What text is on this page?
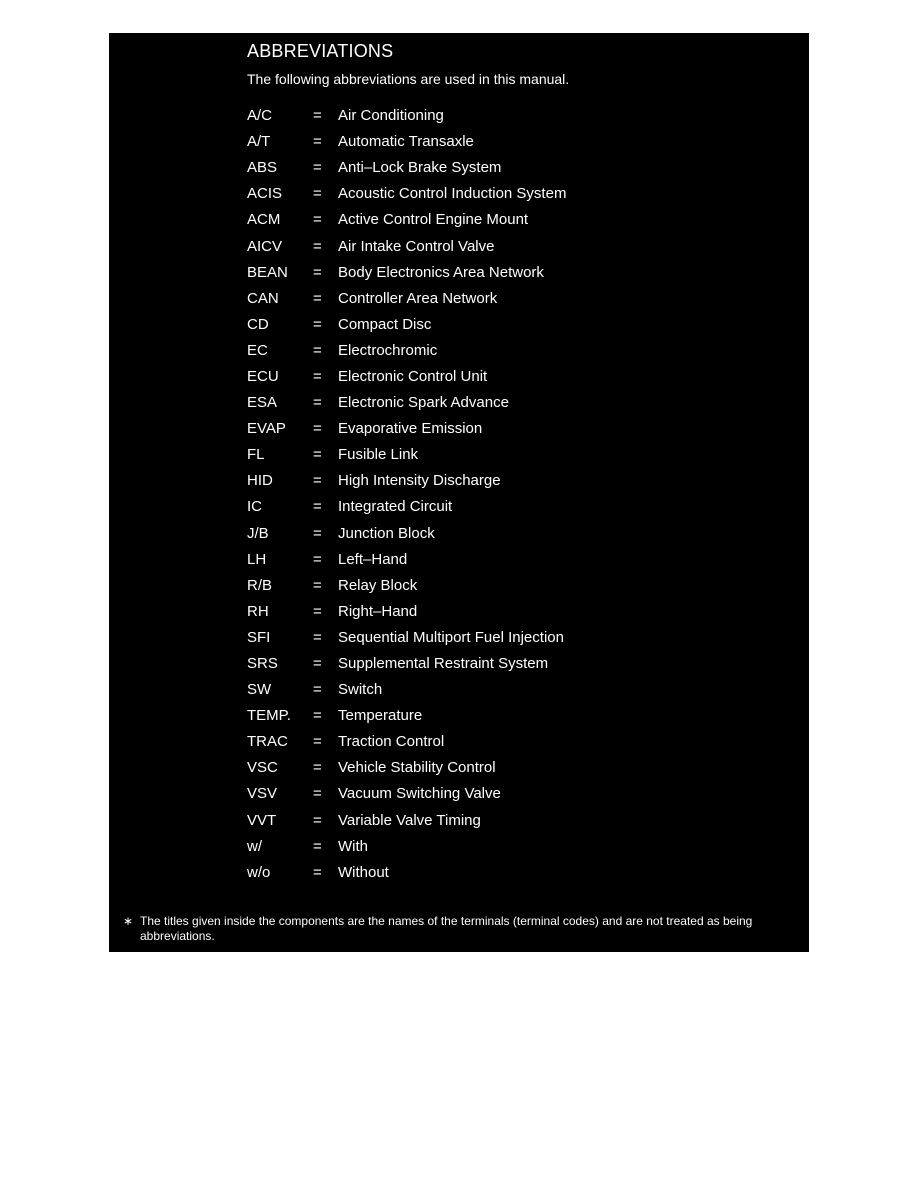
ABBREVIATIONS

The following abbreviations are used in this manual.

A/C	=	Air Conditioning
A/T	=	Automatic Transaxle
ABS	=	Anti–Lock Brake System
ACIS	=	Acoustic Control Induction System
ACM	=	Active Control Engine Mount
AICV	=	Air Intake Control Valve
BEAN	=	Body Electronics Area Network
CAN	=	Controller Area Network
CD	=	Compact Disc
EC	=	Electrochromic
ECU	=	Electronic Control Unit
ESA	=	Electronic Spark Advance
EVAP	=	Evaporative Emission
FL	=	Fusible Link
HID	=	High Intensity Discharge
IC	=	Integrated Circuit
J/B	=	Junction Block
LH	=	Left–Hand
R/B	=	Relay Block
RH	=	Right–Hand
SFI	=	Sequential Multiport Fuel Injection
SRS	=	Supplemental Restraint System
SW	=	Switch
TEMP.	=	Temperature
TRAC	=	Traction Control
VSC	=	Vehicle Stability Control
VSV	=	Vacuum Switching Valve
VVT	=	Variable Valve Timing
w/	=	With
w/o	=	Without
∗ The titles given inside the components are the names of the terminals (terminal codes) and are not treated as being abbreviations.
